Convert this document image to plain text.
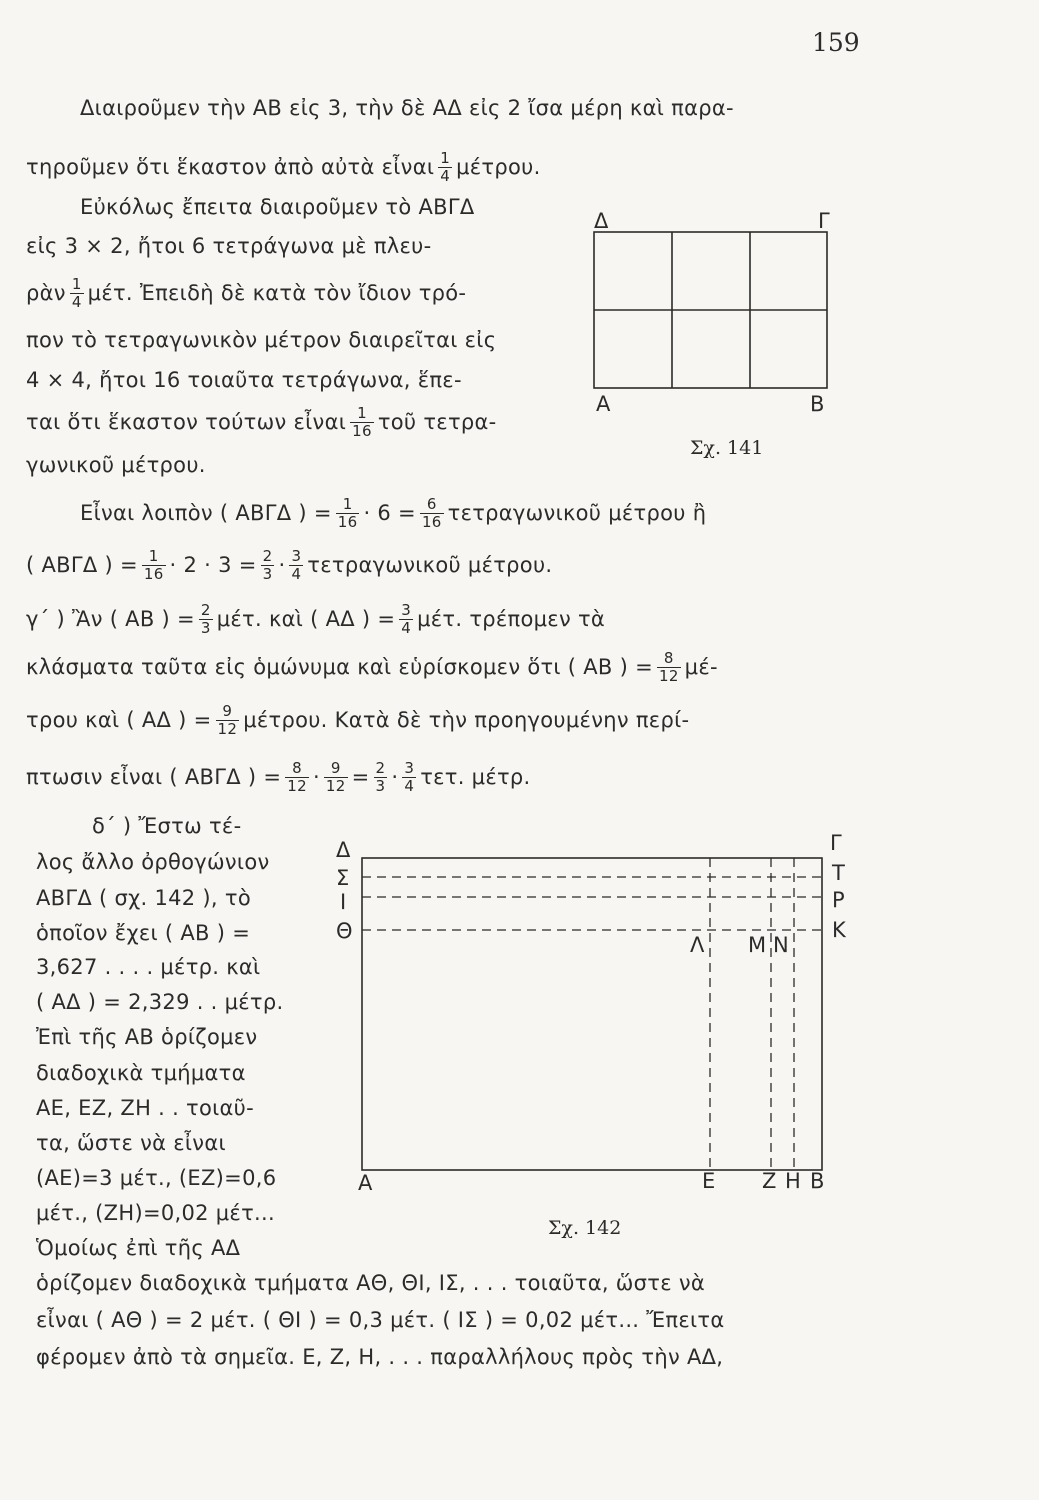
159
Διαιροῦμεν τὴν ΑΒ εἰς 3, τὴν δὲ ΑΔ εἰς 2 ἴσα μέρη καὶ παρα-
τηροῦμεν ὅτι ἕκαστον ἀπὸ αὐτὰ εἶναι $\frac{1}{4} \mu έ\tau\rho o\upsilon$.
Εὐκόλως ἔπειτα διαιροῦμεν τὸ ΑΒΓΔ
εἰς 3 × 2, ἤτοι 6 τετράγωνα μὲ πλευ-
ρὰν $\frac{1}{4} \mu έ\tau$. Ἐπειδὴ δὲ κατὰ τὸν ἴδιον τρό-
πον τὸ τετραγωνικὸν μέτρον διαιρεῖται εἰς
4 × 4, ἤτοι 16 τοιαῦτα τετράγωνα, ἕπε-
ται ὅτι ἕκαστον τούτων εἶναι $\frac{1}{16}$ τοῦ τετρα-
γωνικοῦ μέτρου.
Δ	Γ
Α	Β
Σχ. 141
Εἶναι λοιπὸν ( ΑΒΓΔ ) = $\frac{1}{16} \cdot 6 = \frac{6}{16}$ τετραγωνικοῦ μέτρου ἢ
( ΑΒΓΔ ) = $\frac{1}{16} \cdot 2 \cdot 3 = \frac{2}{3} \cdot \frac{3}{4}$ τετραγωνικοῦ μέτρου.
γ΄ ) Ἂν ( ΑΒ ) = $\frac{2}{3} \mu έ\tau$. καὶ ( ΑΔ ) = $\frac{3}{4} \mu έ\tau$. τρέπομεν τὰ
κλάσματα ταῦτα εἰς ὁμώνυμα καὶ εὑρίσκομεν ὅτι ( ΑΒ ) = $\frac{8}{12} \mu έ-$
τρου καὶ ( ΑΔ ) = $\frac{9}{12} \mu έ\tau\rho o\upsilon$. Κατὰ δὲ τὴν προηγουμένην περί-
πτωσιν εἶναι ( ΑΒΓΔ ) = $\frac{8}{12} \cdot \frac{9}{12} = \frac{2}{3} \cdot \frac{3}{4} \tau\varepsilon\tau$. μέτρ.
δ΄ ) Ἔστω τέ-
λος ἄλλο ὀρθογώνιον
ΑΒΓΔ ( σχ. 142 ), τὸ
ὁποῖον ἔχει ( ΑΒ ) =
3,627 . . . . μέτρ. καὶ
( ΑΔ ) = 2,329 . . μέτρ.
Ἐπὶ τῆς ΑΒ ὁρίζομεν
διαδοχικὰ τμήματα
ΑΕ, ΕΖ, ΖΗ . . τοιαῦ-
τα, ὥστε νὰ εἶναι
(ΑΕ)=3 μέτ., (ΕΖ)=0,6
μέτ., (ΖΗ)=0,02 μέτ...
Ὁμοίως ἐπὶ τῆς ΑΔ
Δ
Σ
Ι
Θ
Γ
Τ
Ρ
Κ
Λ Μ Ν
Α	Ε Ζ Η Β
Σχ. 142
ὁρίζομεν διαδοχικὰ τμήματα ΑΘ, ΘΙ, ΙΣ, . . . τοιαῦτα, ὥστε νὰ
εἶναι ( ΑΘ ) = 2 μέτ. ( ΘΙ ) = 0,3 μέτ. ( ΙΣ ) = 0,02 μέτ... Ἔπειτα
φέρομεν ἀπὸ τὰ σημεῖα. Ε, Ζ, Η, . . . παραλλήλους πρὸς τὴν ΑΔ,
